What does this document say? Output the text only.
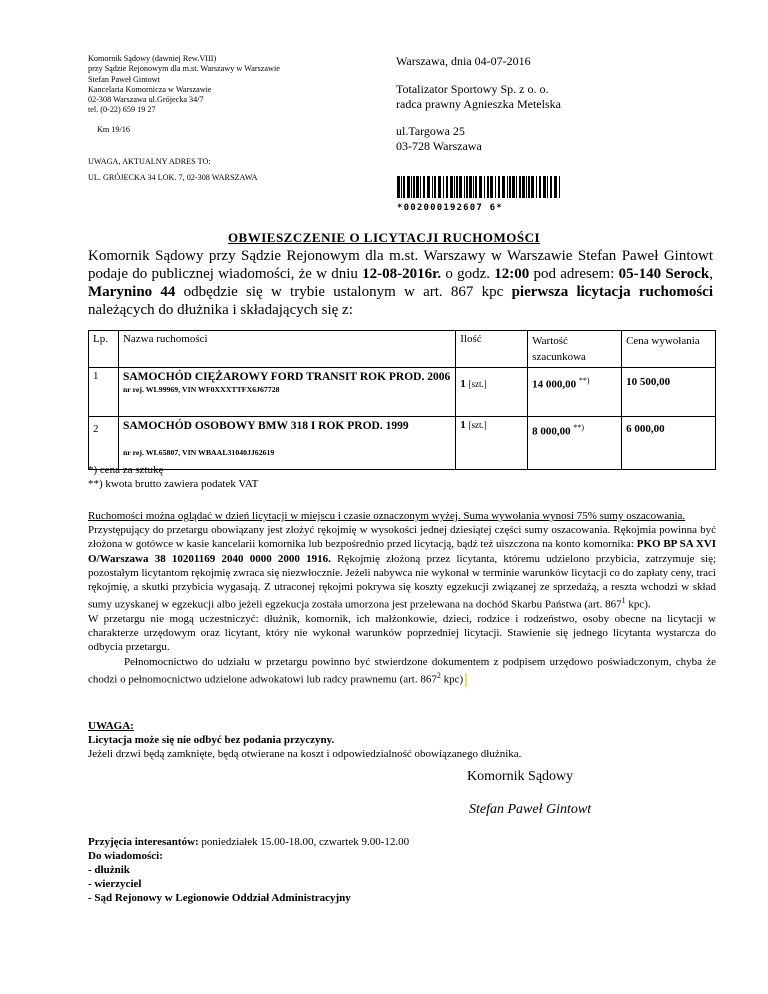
Komornik Sądowy (dawniej Rew.VIII)
przy Sądzie Rejonowym dla m.st. Warszawy w Warszawie
Stefan Paweł Gintowt
Kancelaria Komornicza w Warszawie
02-308 Warszawa ul.Grójecka 34/7
tel. (0-22) 659 19 27
Km 19/16
UWAGA, AKTUALNY ADRES TO:
UL. GRÓJECKA 34 LOK. 7, 02-308 WARSZAWA
Warszawa, dnia 04-07-2016
Totalizator Sportowy Sp. z o. o.
radca prawny Agnieszka Metelska
ul.Targowa 25
03-728 Warszawa
*002000192607 6*
OBWIESZCZENIE O LICYTACJI RUCHOMOŚCI
Komornik Sądowy przy Sądzie Rejonowym dla m.st. Warszawy w Warszawie Stefan Paweł Gintowt podaje do publicznej wiadomości, że w dniu 12-08-2016r. o godz. 12:00 pod adresem: 05-140 Serock, Marynino 44 odbędzie się w trybie ustalonym w art. 867 kpc pierwsza licytacja ruchomości należących do dłużnika i składających się z:
Lp.	Nazwa ruchomości	Ilość	Wartość szacunkowa	Cena wywołania
1	SAMOCHÓD CIĘŻAROWY FORD TRANSIT ROK PROD. 2006
nr rej. WL99969, VIN WF0XXXTTFX6J67728	1 [szt.]	14 000,00 **)	10 500,00
2	SAMOCHÓD OSOBOWY BMW 318 I ROK PROD. 1999
nr rej. WL65807, VIN WBAAL31040JJ62619	1 [szt.]	8 000,00 **)	6 000,00
*) cena za sztukę
**) kwota brutto zawiera podatek VAT

Ruchomości można oglądać w dzień licytacji w miejscu i czasie oznaczonym wyżej. Suma wywołania wynosi 75% sumy oszacowania.

Przystępujący do przetargu obowiązany jest złożyć rękojmię w wysokości jednej dziesiątej części sumy oszacowania. Rękojmia powinna być złożona w gotówce w kasie kancelarii komornika lub bezpośrednio przed licytacją, bądź też uiszczona na konto komornika: PKO BP SA XVI O/Warszawa 38 10201169 2040 0000 2000 1916. Rękojmię złożoną przez licytanta, któremu udzielono przybicia, zatrzymuje się; pozostałym licytantom rękojmię zwraca się niezwłocznie. Jeżeli nabywca nie wykonał w terminie warunków licytacji co do zapłaty ceny, traci rękojmię, a skutki przybicia wygasają. Z utraconej rękojmi pokrywa się koszty egzekucji związanej ze sprzedażą, a reszta wchodzi w skład sumy uzyskanej w egzekucji albo jeżeli egzekucja została umorzona jest przelewana na dochód Skarbu Państwa (art. $867^1$ kpc).

W przetargu nie mogą uczestniczyć: dłużnik, komornik, ich małżonkowie, dzieci, rodzice i rodzeństwo, osoby obecne na licytacji w charakterze urzędowym oraz licytant, który nie wykonał warunków poprzedniej licytacji. Stawienie się jednego licytanta wystarcza do odbycia przetargu.

Pełnomocnictwo do udziału w przetargu powinno być stwierdzone dokumentem z podpisem urzędowo poświadczonym, chyba że chodzi o pełnomocnictwo udzielone adwokatowi lub radcy prawnemu (art. $867^2$ kpc)

UWAGA:
Licytacja może się nie odbyć bez podania przyczyny.
Jeżeli drzwi będą zamknięte, będą otwierane na koszt i odpowiedzialność obowiązanego dłużnika.
Komornik Sądowy
Stefan Paweł Gintowt
Przyjęcia interesantów: poniedziałek 15.00-18.00, czwartek 9.00-12.00
Do wiadomości:
- dłużnik
- wierzyciel
- Sąd Rejonowy w Legionowie Oddział Administracyjny
